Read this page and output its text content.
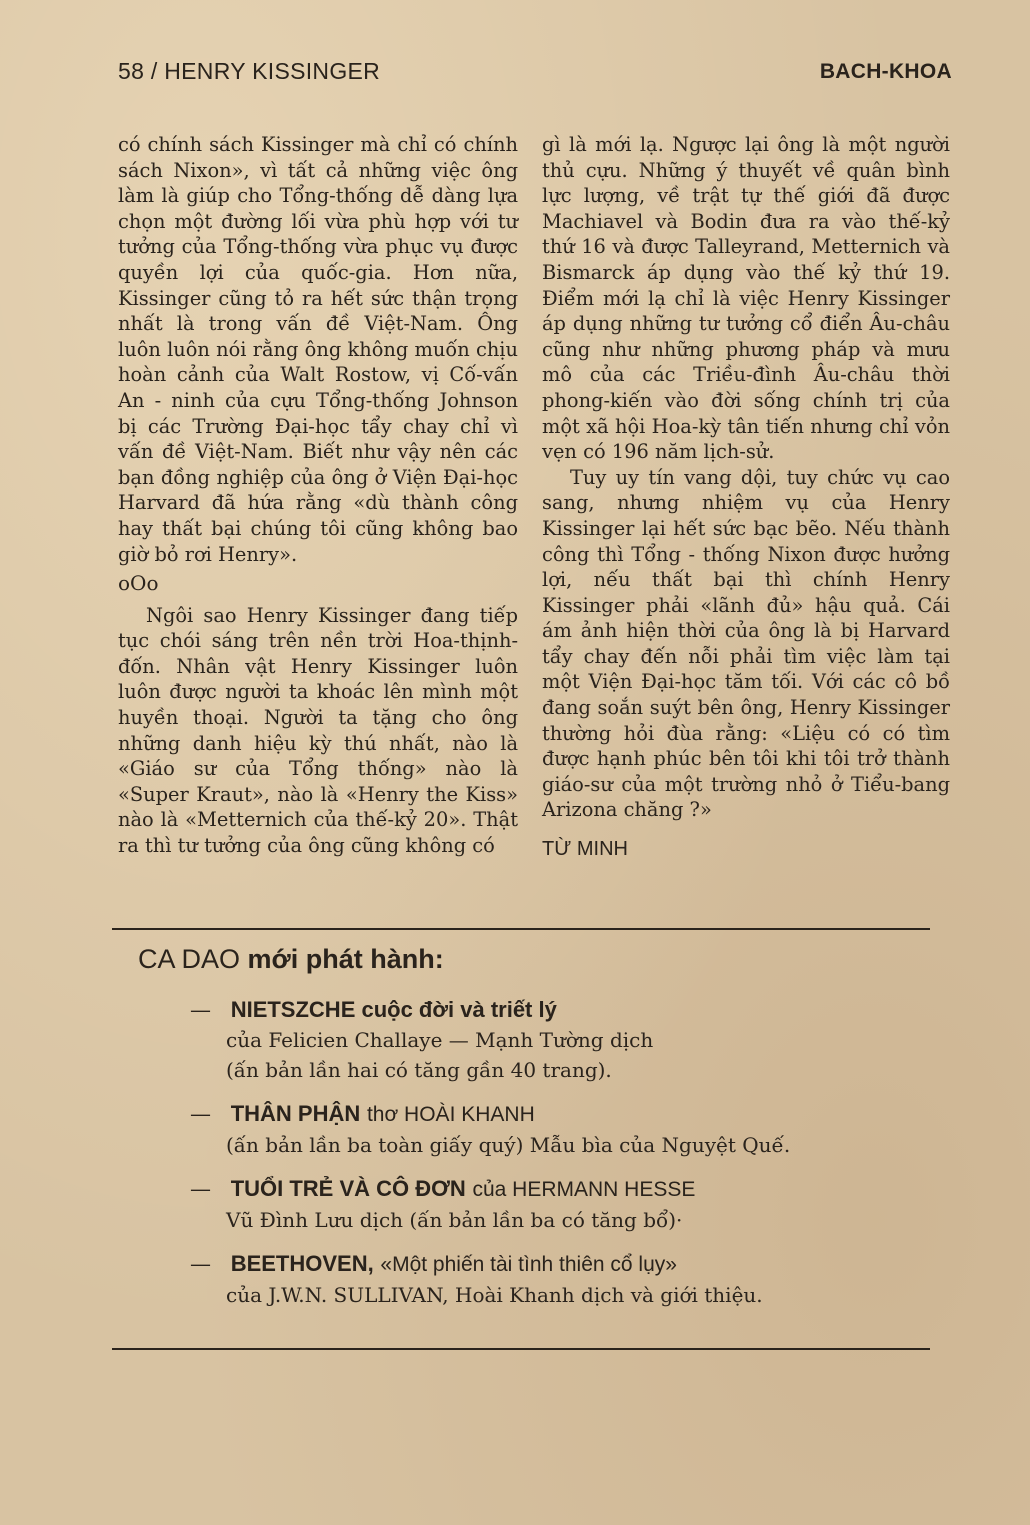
58 / HENRY KISSINGER	BACH-KHOA

có chính sách Kissinger mà chỉ có chính sách Nixon», vì tất cả những việc ông làm là giúp cho Tổng-thống dễ dàng lựa chọn một đường lối vừa phù hợp với tư tưởng của Tổng-thống vừa phục vụ được quyền lợi của quốc-gia. Hơn nữa, Kissinger cũng tỏ ra hết sức thận trọng nhất là trong vấn đề Việt-Nam. Ông luôn luôn nói rằng ông không muốn chịu hoàn cảnh của Walt Rostow, vị Cố-vấn An - ninh của cựu Tổng-thống Johnson bị các Trường Đại-học tẩy chay chỉ vì vấn đề Việt-Nam. Biết như vậy nên các bạn đồng nghiệp của ông ở Viện Đại-học Harvard đã hứa rằng «dù thành công hay thất bại chúng tôi cũng không bao giờ bỏ rơi Henry».

oOo

Ngôi sao Henry Kissinger đang tiếp tục chói sáng trên nền trời Hoa-thịnh-đốn. Nhân vật Henry Kissinger luôn luôn được người ta khoác lên mình một huyền thoại. Người ta tặng cho ông những danh hiệu kỳ thú nhất, nào là «Giáo sư của Tổng thống» nào là «Super Kraut», nào là «Henry the Kiss» nào là «Metternich của thế-kỷ 20». Thật ra thì tư tưởng của ông cũng không có

gì là mới lạ. Ngược lại ông là một người thủ cựu. Những ý thuyết về quân bình lực lượng, về trật tự thế giới đã được Machiavel và Bodin đưa ra vào thế-kỷ thứ 16 và được Talleyrand, Metternich và Bismarck áp dụng vào thế kỷ thứ 19. Điểm mới lạ chỉ là việc Henry Kissinger áp dụng những tư tưởng cổ điển Âu-châu cũng như những phương pháp và mưu mô của các Triều-đình Âu-châu thời phong-kiến vào đời sống chính trị của một xã hội Hoa-kỳ tân tiến nhưng chỉ vỏn vẹn có 196 năm lịch-sử.

Tuy uy tín vang dội, tuy chức vụ cao sang, nhưng nhiệm vụ của Henry Kissinger lại hết sức bạc bẽo. Nếu thành công thì Tổng - thống Nixon được hưởng lợi, nếu thất bại thì chính Henry Kissinger phải «lãnh đủ» hậu quả. Cái ám ảnh hiện thời của ông là bị Harvard tẩy chay đến nỗi phải tìm việc làm tại một Viện Đại-học tăm tối. Với các cô bồ đang soắn suýt bên ông, Henry Kissinger thường hỏi đùa rằng: «Liệu có có tìm được hạnh phúc bên tôi khi tôi trở thành giáo-sư của một trường nhỏ ở Tiểu-bang Arizona chăng ?»

TỪ MINH
CA DAO mới phát hành:
— NIETSZCHE cuộc đời và triết lý
của Felicien Challaye — Mạnh Tường dịch
(ấn bản lần hai có tăng gần 40 trang).
— THÂN PHẬN thơ HOÀI KHANH
(ấn bản lần ba toàn giấy quý) Mẫu bìa của Nguyệt Quế.
— TUỔI TRẺ VÀ CÔ ĐƠN của HERMANN HESSE
Vũ Đình Lưu dịch (ấn bản lần ba có tăng bổ)·
— BEETHOVEN, «Một phiến tài tình thiên cổ lụy»
của J.W.N. SULLIVAN, Hoài Khanh dịch và giới thiệu.
